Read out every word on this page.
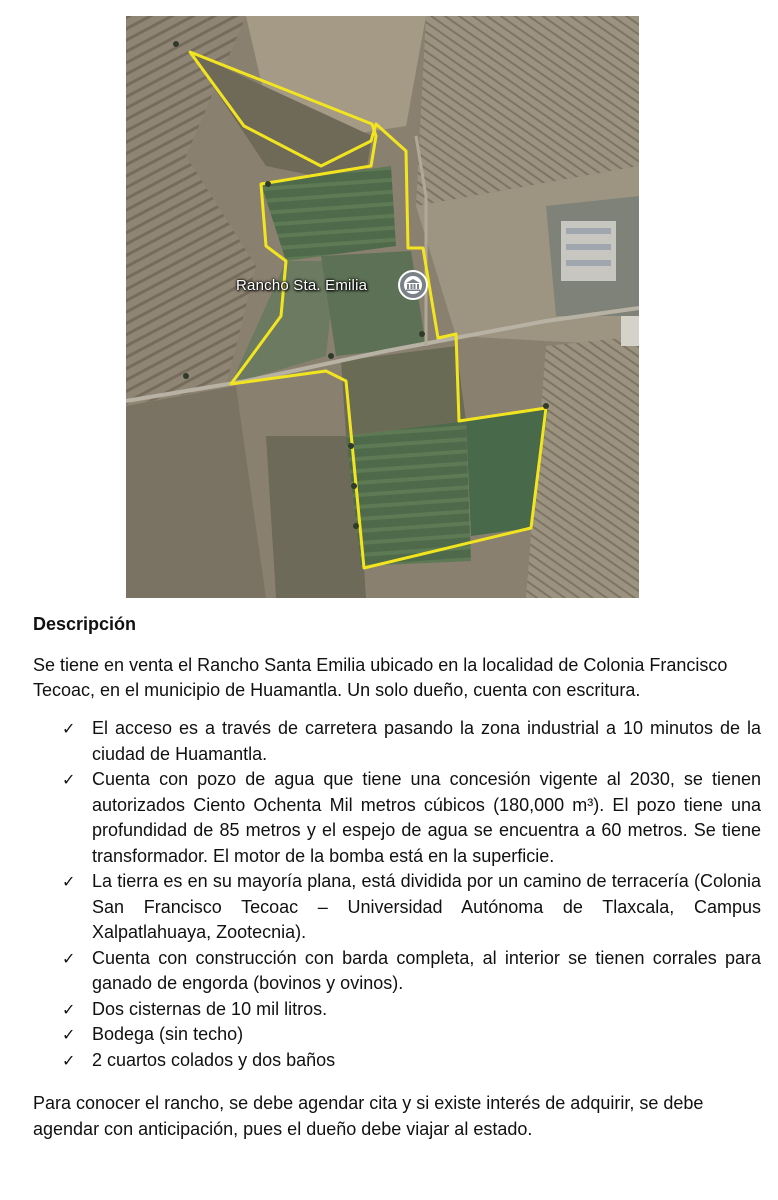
Rancho Sta. Emilia
Descripción

Se tiene en venta el Rancho Santa Emilia ubicado en la localidad de Colonia Francisco Tecoac, en el municipio de Huamantla. Un solo dueño, cuenta con escritura.

✓ El acceso es a través de carretera pasando la zona industrial a 10 minutos de la ciudad de Huamantla.
✓ Cuenta con pozo de agua que tiene una concesión vigente al 2030, se tienen autorizados Ciento Ochenta Mil metros cúbicos (180,000 m³). El pozo tiene una profundidad de 85 metros y el espejo de agua se encuentra a 60 metros. Se tiene transformador. El motor de la bomba está en la superficie.
✓ La tierra es en su mayoría plana, está dividida por un camino de terracería (Colonia San Francisco Tecoac – Universidad Autónoma de Tlaxcala, Campus Xalpatlahuaya, Zootecnia).
✓ Cuenta con construcción con barda completa, al interior se tienen corrales para ganado de engorda (bovinos y ovinos).
✓ Dos cisternas de 10 mil litros.
✓ Bodega (sin techo)
✓ 2 cuartos colados y dos baños

Para conocer el rancho, se debe agendar cita y si existe interés de adquirir, se debe agendar con anticipación, pues el dueño debe viajar al estado.
